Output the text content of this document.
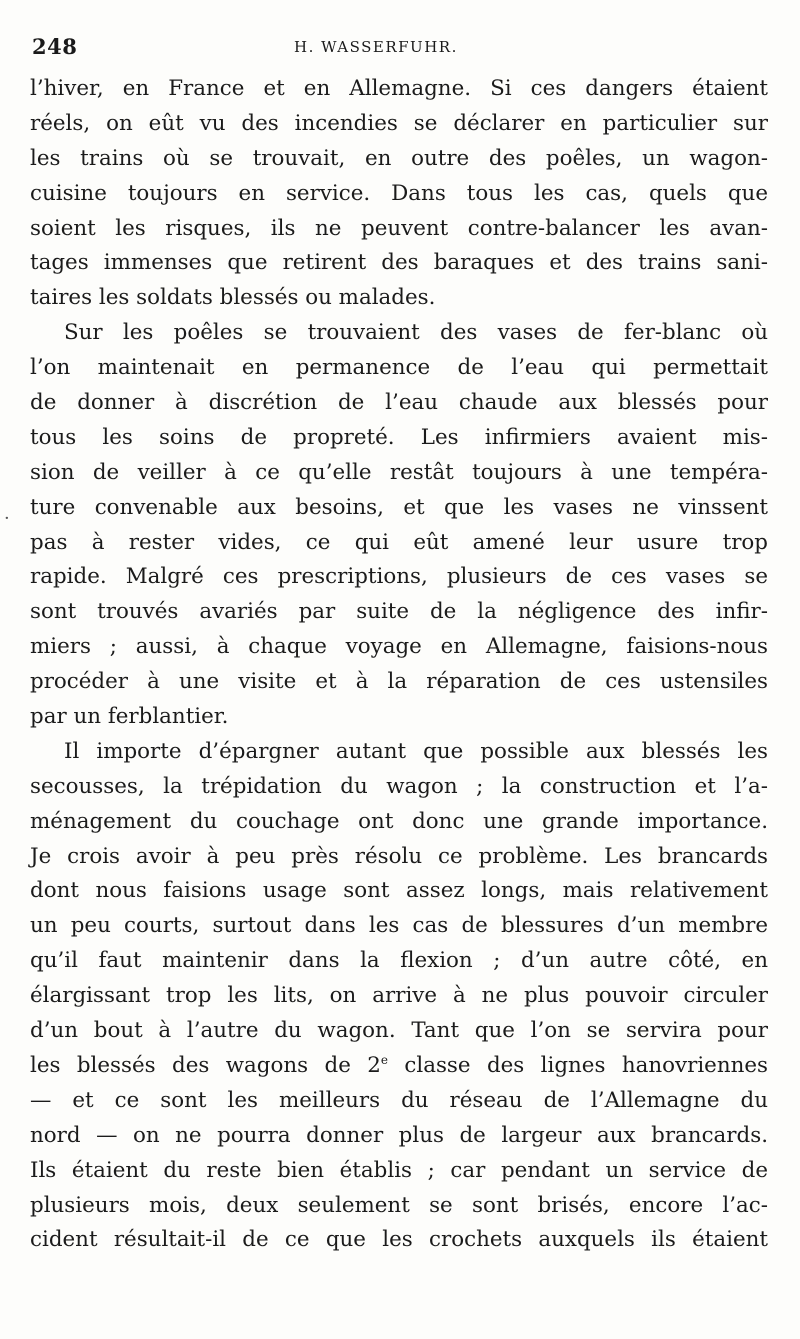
248	H. WASSERFUHR.
l’hiver, en France et en Allemagne. Si ces dangers étaient
réels, on eût vu des incendies se déclarer en particulier sur
les trains où se trouvait, en outre des poêles, un wagon-
cuisine toujours en service. Dans tous les cas, quels que
soient les risques, ils ne peuvent contre-balancer les avan-
tages immenses que retirent des baraques et des trains sani-
taires les soldats blessés ou malades.
Sur les poêles se trouvaient des vases de fer-blanc où
l’on maintenait en permanence de l’eau qui permettait
de donner à discrétion de l’eau chaude aux blessés pour
tous les soins de propreté. Les infirmiers avaient mis-
sion de veiller à ce qu’elle restât toujours à une tempéra-
ture convenable aux besoins, et que les vases ne vinssent
pas à rester vides, ce qui eût amené leur usure trop
rapide. Malgré ces prescriptions, plusieurs de ces vases se
sont trouvés avariés par suite de la négligence des infir-
miers ; aussi, à chaque voyage en Allemagne, faisions-nous
procéder à une visite et à la réparation de ces ustensiles
par un ferblantier.
Il importe d’épargner autant que possible aux blessés les
secousses, la trépidation du wagon ; la construction et l’a-
ménagement du couchage ont donc une grande importance.
Je crois avoir à peu près résolu ce problème. Les brancards
dont nous faisions usage sont assez longs, mais relativement
un peu courts, surtout dans les cas de blessures d’un membre
qu’il faut maintenir dans la flexion ; d’un autre côté, en
élargissant trop les lits, on arrive à ne plus pouvoir circuler
d’un bout à l’autre du wagon. Tant que l’on se servira pour
les blessés des wagons de 2e classe des lignes hanovriennes
— et ce sont les meilleurs du réseau de l’Allemagne du
nord — on ne pourra donner plus de largeur aux brancards.
Ils étaient du reste bien établis ; car pendant un service de
plusieurs mois, deux seulement se sont brisés, encore l’ac-
cident résultait-il de ce que les crochets auxquels ils étaient
·
